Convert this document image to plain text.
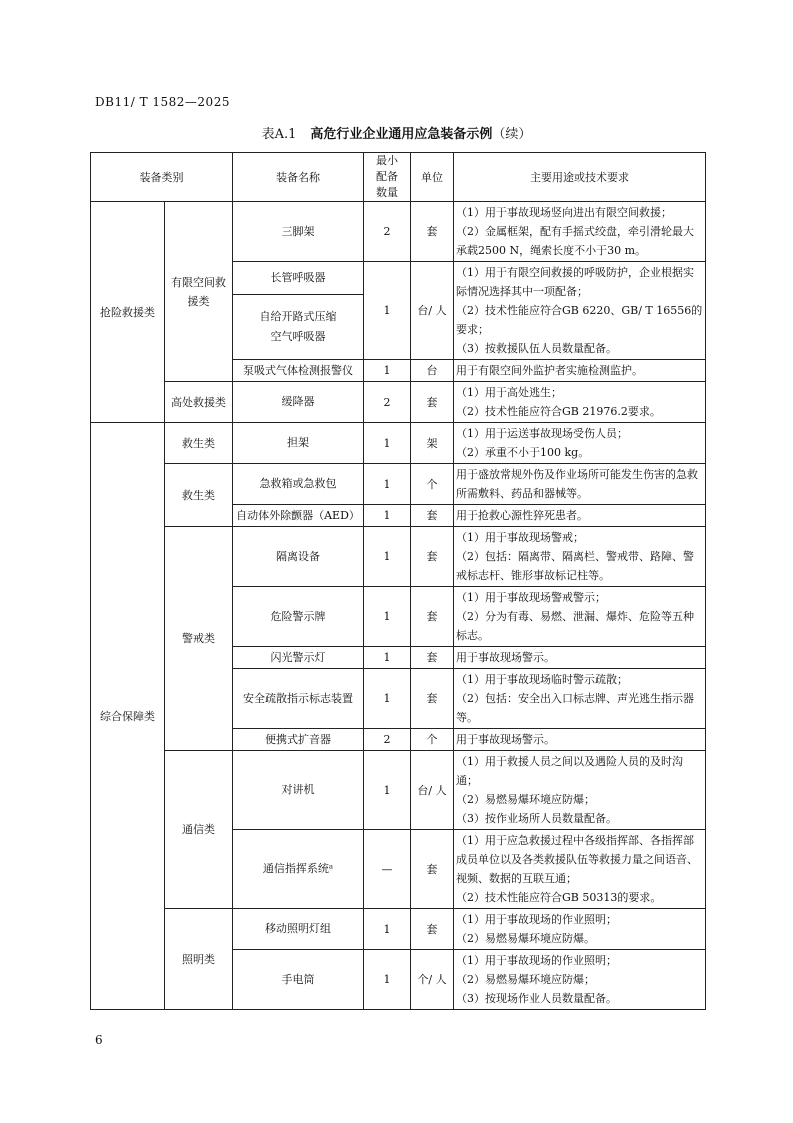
DB11/ T 1582—2025
表A.1 高危行业企业通用应急装备示例（续）
装备类别		装备名称	最小配备数量	单位	主要用途或技术要求
抢险救援类	有限空间救援类	三脚架	2	套	（1）用于事故现场竖向进出有限空间救援；
（2）金属框架，配有手摇式绞盘，牵引滑轮最大承载2500 N，绳索长度不小于30 m。

		长管呼吸器	1	台/ 人	（1）用于有限空间救援的呼吸防护，企业根据实际情况选择其中一项配备；
（2）技术性能应符合GB 6220、GB/ T 16556的要求；
（3）按救援队伍人员数量配备。

		自给开路式压缩空气呼吸器			
		泵吸式气体检测报警仪	1	台	用于有限空间外监护者实施检测监护。

	高处救援类	缓降器	2	套	（1）用于高处逃生；
（2）技术性能应符合GB 21976.2要求。

综合保障类	救生类	担架	1	架	（1）用于运送事故现场受伤人员；
（2）承重不小于100 kg。

	救生类	急救箱或急救包	1	个	用于盛放常规外伤及作业场所可能发生伤害的急救所需敷料、药品和器械等。

		自动体外除颤器（AED）	1	套	用于抢救心源性猝死患者。

	警戒类	隔离设备	1	套	（1）用于事故现场警戒；
（2）包括：隔离带、隔离栏、警戒带、路障、警戒标志杆、锥形事故标记柱等。

		危险警示牌	1	套	（1）用于事故现场警戒警示；
（2）分为有毒、易燃、泄漏、爆炸、危险等五种标志。

		闪光警示灯	1	套	用于事故现场警示。

		安全疏散指示标志装置	1	套	（1）用于事故现场临时警示疏散；
（2）包括：安全出入口标志牌、声光逃生指示器等。

		便携式扩音器	2	个	用于事故现场警示。

	通信类	对讲机	1	台/ 人	（1）用于救援人员之间以及遇险人员的及时沟通；
（2）易燃易爆环境应防爆；
（3）按作业场所人员数量配备。

		通信指挥系统ᵃ	—	套	（1）用于应急救援过程中各级指挥部、各指挥部成员单位以及各类救援队伍等救援力量之间语音、视频、数据的互联互通；
（2）技术性能应符合GB 50313的要求。

	照明类	移动照明灯组	1	套	（1）用于事故现场的作业照明；
（2）易燃易爆环境应防爆。

		手电筒	1	个/ 人	（1）用于事故现场的作业照明；
（2）易燃易爆环境应防爆；
（3）按现场作业人员数量配备。
6
